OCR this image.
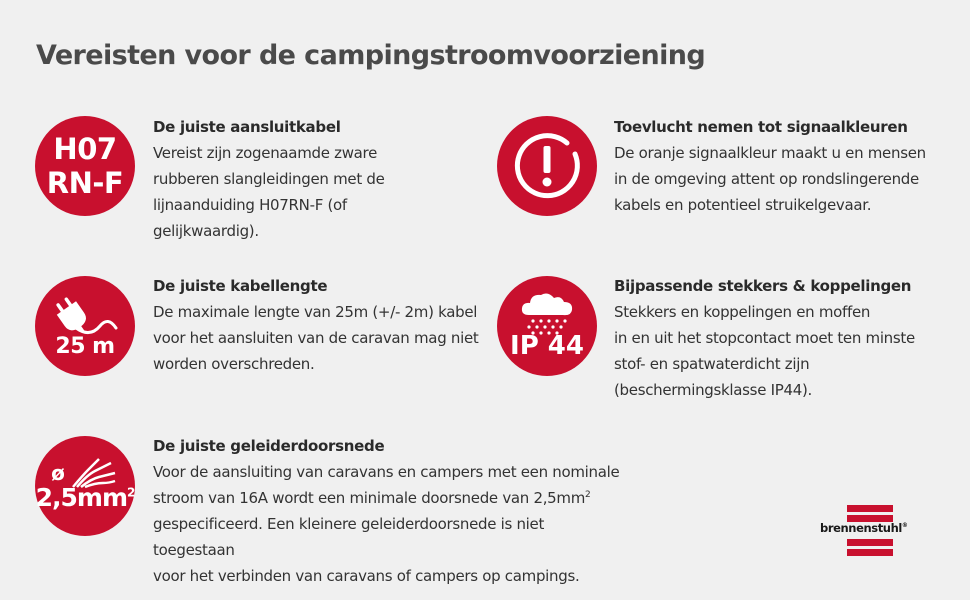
Vereisten voor de campingstroomvoorziening
H07
RN-F
De juiste aansluitkabel
Vereist zijn zogenaamde zware
rubberen slangleidingen met de
lijnaanduiding H07RN-F (of
gelijkwaardig).
Toevlucht nemen tot signaalkleuren
De oranje signaalkleur maakt u en mensen
in de omgeving attent op rondslingerende
kabels en potentieel struikelgevaar.
25 m
De juiste kabellengte
De maximale lengte van 25m (+/- 2m) kabel
voor het aansluiten van de caravan mag niet
worden overschreden.
IP 44
Bijpassende stekkers & koppelingen
Stekkers en koppelingen en moffen
in en uit het stopcontact moet ten minste
stof- en spatwaterdicht zijn
(beschermingsklasse IP44).
ø
$2,5mm^2$
De juiste geleiderdoorsnede
Voor de aansluiting van caravans en campers met een nominale
stroom van 16A wordt een minimale doorsnede van $2,5mm^2$
gespecificeerd. Een kleinere geleiderdoorsnede is niet toegestaan
voor het verbinden van caravans of campers op campings.
brennenstuhl®
